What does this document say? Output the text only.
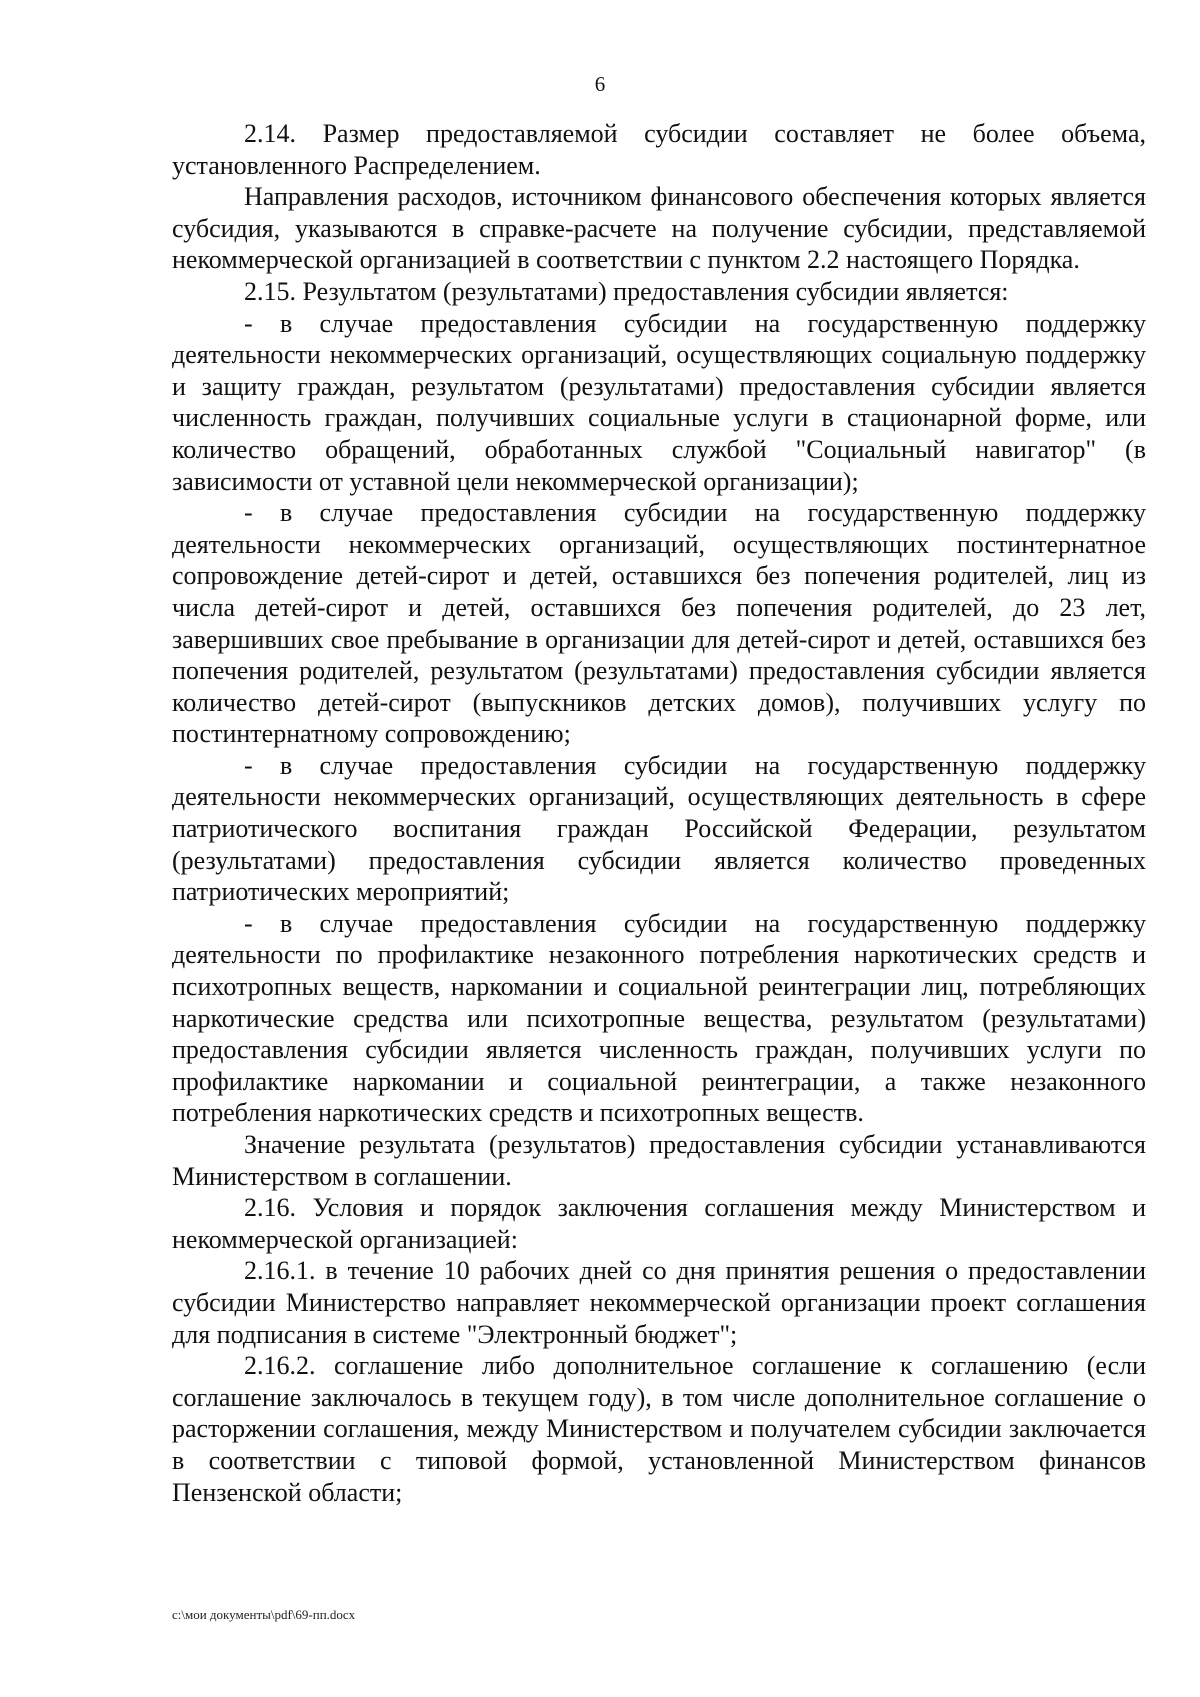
6

2.14. Размер предоставляемой субсидии составляет не более объема, установленного Распределением.

Направления расходов, источником финансового обеспечения которых является субсидия, указываются в справке-расчете на получение субсидии, представляемой некоммерческой организацией в соответствии с пунктом 2.2 настоящего Порядка.

2.15. Результатом (результатами) предоставления субсидии является:

- в случае предоставления субсидии на государственную поддержку деятельности некоммерческих организаций, осуществляющих социальную поддержку и защиту граждан, результатом (результатами) предоставления субсидии является численность граждан, получивших социальные услуги в стационарной форме, или количество обращений, обработанных службой "Социальный навигатор" (в зависимости от уставной цели некоммерческой организации);

- в случае предоставления субсидии на государственную поддержку деятельности некоммерческих организаций, осуществляющих постинтернатное сопровождение детей-сирот и детей, оставшихся без попечения родителей, лиц из числа детей-сирот и детей, оставшихся без попечения родителей, до 23 лет, завершивших свое пребывание в организации для детей-сирот и детей, оставшихся без попечения родителей, результатом (результатами) предоставления субсидии является количество детей-сирот (выпускников детских домов), получивших услугу по постинтернатному сопровождению;

- в случае предоставления субсидии на государственную поддержку деятельности некоммерческих организаций, осуществляющих деятельность в сфере патриотического воспитания граждан Российской Федерации, результатом (результатами) предоставления субсидии является количество проведенных патриотических мероприятий;

- в случае предоставления субсидии на государственную поддержку деятельности по профилактике незаконного потребления наркотических средств и психотропных веществ, наркомании и социальной реинтеграции лиц, потребляющих наркотические средства или психотропные вещества, результатом (результатами) предоставления субсидии является численность граждан, получивших услуги по профилактике наркомании и социальной реинтеграции, а также незаконного потребления наркотических средств и психотропных веществ.

Значение результата (результатов) предоставления субсидии устанавливаются Министерством в соглашении.

2.16. Условия и порядок заключения соглашения между Министерством и некоммерческой организацией:

2.16.1. в течение 10 рабочих дней со дня принятия решения о предоставлении субсидии Министерство направляет некоммерческой организации проект соглашения для подписания в системе "Электронный бюджет";

2.16.2. соглашение либо дополнительное соглашение к соглашению (если соглашение заключалось в текущем году), в том числе дополнительное соглашение о расторжении соглашения, между Министерством и получателем субсидии заключается в соответствии с типовой формой, установленной Министерством финансов Пензенской области;

c:\мои документы\pdf\69-пп.docx
